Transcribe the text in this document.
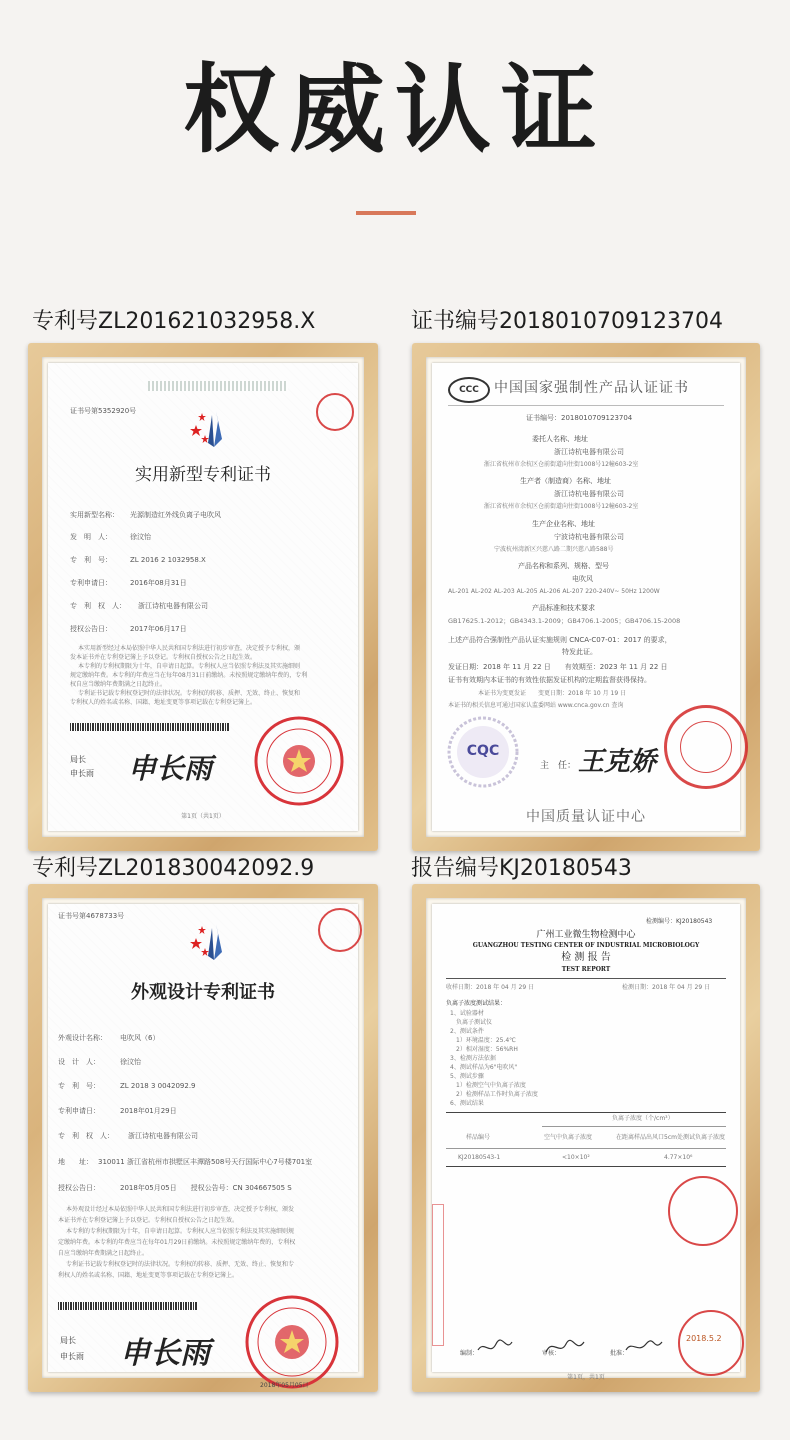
权威认证
专利号ZL201621032958.X
证书号第5352920号
实用新型专利证书
实用新型名称： 光源制造红外线负离子电吹风
发　明　人：	徐汶怡
专　利　号：	ZL 2016 2 1032958.X
专利申请日：	2016年08月31日
专　利　权　人： 浙江诗杭电器有限公司
授权公告日：	2017年06月17日
本实用新型经过本局依照中华人民共和国专利法进行初步审查，决定授予专利权，颁
发本证书并在专利登记簿上予以登记。专利权自授权公告之日起生效。
本专利的专利权期限为十年，自申请日起算。专利权人应当依照专利法及其实施细则
规定缴纳年费。本专利的年费应当在每年08月31日前缴纳。未按照规定缴纳年费的，专利
权自应当缴纳年费期满之日起终止。
专利证书记载专利权登记时的法律状况。专利权的转移、质押、无效、终止、恢复和
专利权人的姓名或名称、国籍、地址变更等事项记载在专利登记簿上。
局长
申长雨 申长雨
第1页（共1页）
证书编号2018010709123704
CCC	中国国家强制性产品认证证书
证书编号：2018010709123704
委托人名称、地址
浙江诗杭电器有限公司
浙江省杭州市余杭区仓前街道向往街1008号12幢603-2室
生产者（制造商）名称、地址
浙江诗杭电器有限公司
浙江省杭州市余杭区仓前街道向往街1008号12幢603-2室
生产企业名称、地址
宁波诗杭电器有限公司
宁波杭州湾新区兴慈八路二期兴慈八路588号
产品名称和系列、规格、型号
电吹风
AL-201 AL-202 AL-203 AL-205 AL-206 AL-207 220-240V~ 50Hz 1200W
产品标准和技术要求
GB17625.1-2012；GB4343.1-2009；GB4706.1-2005；GB4706.15-2008
上述产品符合强制性产品认证实施规则 CNCA-C07-01：2017 的要求，
特发此证。
发证日期：2018 年 11 月 22 日　　有效期至：2023 年 11 月 22 日
证书有效期内本证书的有效性依据发证机构的定期监督获得保持。
本证书为变更发证　　变更日期：2018 年 10 月 19 日
本证书的相关信息可通过国家认监委网站 www.cnca.gov.cn 查询
CQC
主　任： 王克娇
中国质量认证中心
专利号ZL201830042092.9
证书号第4678733号
外观设计专利证书
外观设计名称： 电吹风（6）
设　计　人：	徐汶怡
专　利　号：	ZL 2018 3 0042092.9
专利申请日：	2018年01月29日
专　利　权　人： 浙江诗杭电器有限公司
地　　址： 310011 浙江省杭州市拱墅区丰潭路508号天行国际中心7号楼701室
授权公告日：	2018年05月05日　　授权公告号：CN 304667505 S
本外观设计经过本局依照中华人民共和国专利法进行初步审查，决定授予专利权，颁发
本证书并在专利登记簿上予以登记。专利权自授权公告之日起生效。
本专利的专利权期限为十年，自申请日起算。专利权人应当依照专利法及其实施细则规
定缴纳年费。本专利的年费应当在每年01月29日前缴纳。未按照规定缴纳年费的，专利权
自应当缴纳年费期满之日起终止。
专利证书记载专利权登记时的法律状况。专利权的转移、质押、无效、终止、恢复和专
利权人的姓名或名称、国籍、地址变更等事项记载在专利登记簿上。
局长
申长雨 申长雨
2018年05月05日
报告编号KJ20180543
检测编号：KJ20180543
广州工业微生物检测中心
GUANGZHOU TESTING CENTER OF INDUSTRIAL MICROBIOLOGY
检 测 报 告
TEST REPORT
收样日期：2018 年 04 月 29 日	检测日期：2018 年 04 月 29 日
负离子浓度测试结果：
1、试验器材
负离子测试仪
2、测试条件
1）环境温度：25.4℃
2）相对湿度：56%RH
3、检测方法依据
4、测试样品为6"电吹风"
5、测试步骤
1）检测空气中负离子浓度
2）检测样品工作时负离子浓度
6、测试结果
负离子浓度（个/cm³）
样品编号	空气中负离子浓度	在距离样品出风口5cm处测试负离子浓度
KJ20180543-1	<10×10²	4.77×10⁶
编制：	审核：	批准：
2018.5.2
第1页，共1页
